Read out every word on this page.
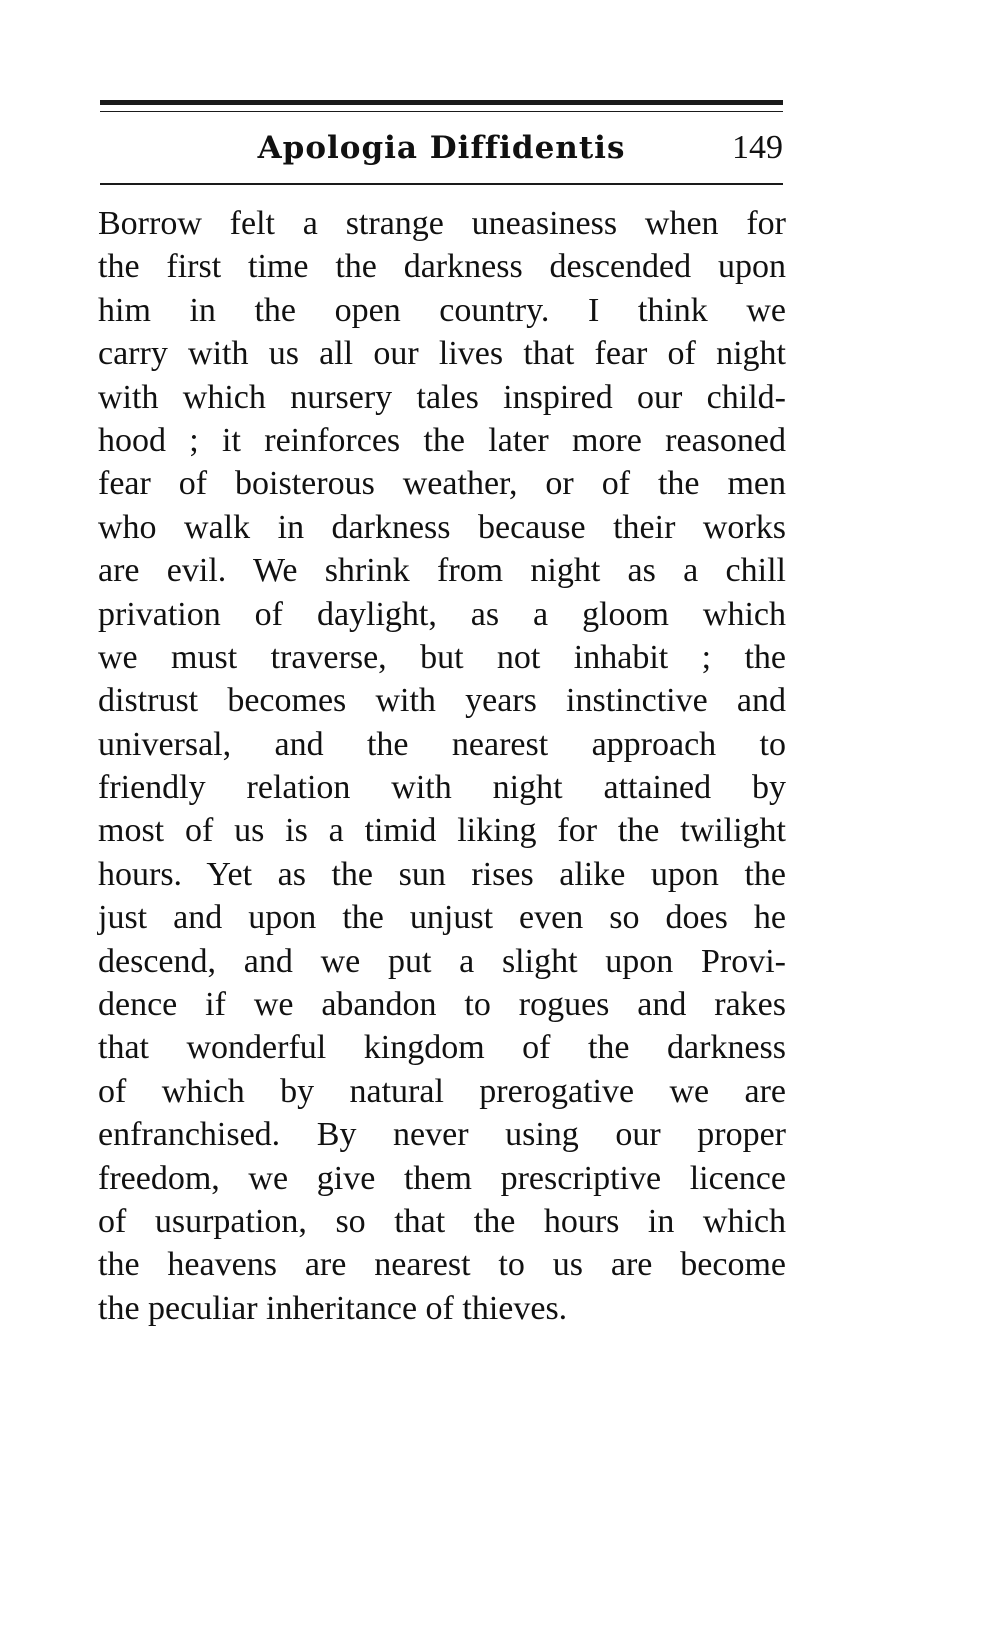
Apologia Diffidentis	149
Borrow felt a strange uneasiness when for
the first time the darkness descended upon
him in the open country. I think we
carry with us all our lives that fear of night
with which nursery tales inspired our child-
hood ; it reinforces the later more reasoned
fear of boisterous weather, or of the men
who walk in darkness because their works
are evil. We shrink from night as a chill
privation of daylight, as a gloom which
we must traverse, but not inhabit ; the
distrust becomes with years instinctive and
universal, and the nearest approach to
friendly relation with night attained by
most of us is a timid liking for the twilight
hours. Yet as the sun rises alike upon the
just and upon the unjust even so does he
descend, and we put a slight upon Provi-
dence if we abandon to rogues and rakes
that wonderful kingdom of the darkness
of which by natural prerogative we are
enfranchised. By never using our proper
freedom, we give them prescriptive licence
of usurpation, so that the hours in which
the heavens are nearest to us are become
the peculiar inheritance of thieves.
